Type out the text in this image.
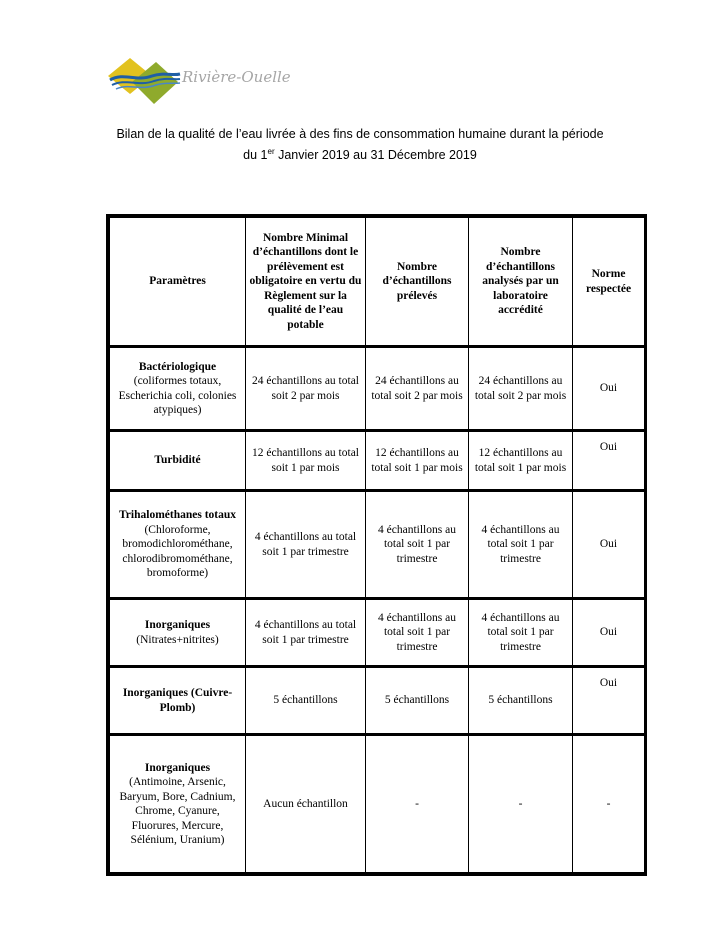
Rivière-Ouelle
Bilan de la qualité de l’eau livrée à des fins de consommation humaine durant la période
du 1er Janvier 2019 au 31 Décembre 2019
Paramètres	Nombre Minimal d’échantillons dont le prélèvement est obligatoire en vertu du Règlement sur la qualité de l’eau potable	Nombre d’échantillons prélevés	Nombre d’échantillons analysés par un laboratoire accrédité	Norme respectée

Bactériologique
(coliformes totaux, Escherichia coli, colonies atypiques)	24 échantillons au total soit 2 par mois	24 échantillons au total soit 2 par mois	24 échantillons au total soit 2 par mois	Oui

Turbidité	12 échantillons au total soit 1 par mois	12 échantillons au total soit 1 par mois	12 échantillons au total soit 1 par mois	Oui

Trihalométhanes totaux
(Chloroforme, bromodichlorométhane, chlorodibromométhane, bromoforme)	4 échantillons au total soit 1 par trimestre	4 échantillons au total soit 1 par trimestre	4 échantillons au total soit 1 par trimestre	Oui

Inorganiques
(Nitrates+nitrites)	4 échantillons au total soit 1 par trimestre	4 échantillons au total soit 1 par trimestre	4 échantillons au total soit 1 par trimestre	Oui

Inorganiques (Cuivre-Plomb)	5 échantillons	5 échantillons	5 échantillons	Oui

Inorganiques
(Antimoine, Arsenic, Baryum, Bore, Cadnium, Chrome, Cyanure, Fluorures, Mercure, Sélénium, Uranium)	Aucun échantillon	-	-	-
